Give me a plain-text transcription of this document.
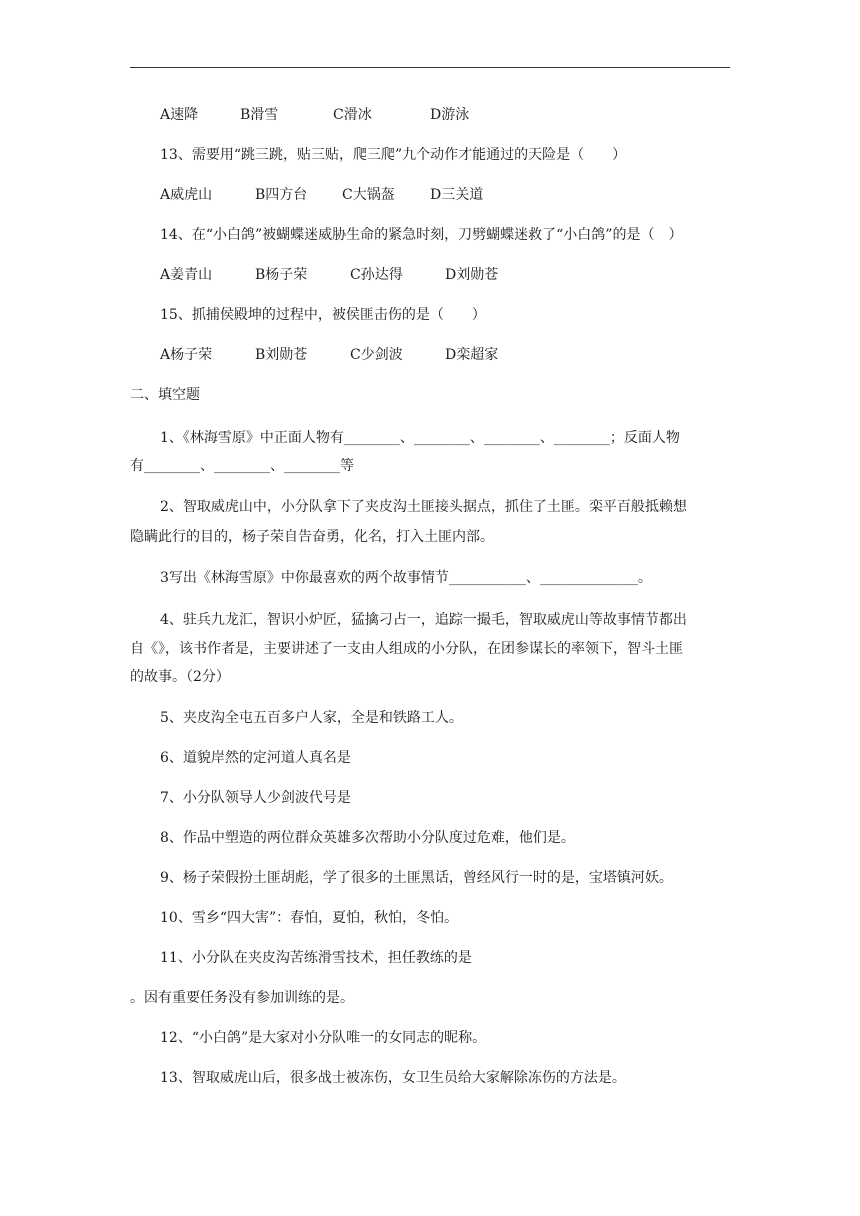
A速降	B滑雪	C滑冰	D游泳
13、需要用“跳三跳，贴三贴，爬三爬”九个动作才能通过的天险是（　　）
A威虎山	B四方台 C大锅盔	D三关道
14、在“小白鸽”被蝴蝶迷威胁生命的紧急时刻，刀劈蝴蝶迷救了“小白鸽”的是（　）
A姜青山	B杨子荣	C孙达得	D刘勋苍
15、抓捕侯殿坤的过程中，被侯匪击伤的是（　　）
A杨子荣	B刘勋苍	C少剑波	D栾超家
二、填空题
1、《林海雪原》中正面人物有________、________、________、________；反面人物
有________、________、________等
2、智取威虎山中，小分队拿下了夹皮沟土匪接头据点，抓住了土匪。栾平百般抵赖想
隐瞒此行的目的，杨子荣自告奋勇，化名，打入土匪内部。
3写出《林海雪原》中你最喜欢的两个故事情节___________、______________。
4、驻兵九龙汇，智识小炉匠，猛擒刁占一，追踪一撮毛，智取威虎山等故事情节都出
自《》，该书作者是，主要讲述了一支由人组成的小分队，在团参谋长的率领下，智斗土匪
的故事。（2分）
5、夹皮沟全屯五百多户人家，全是和铁路工人。
6、道貌岸然的定河道人真名是
7、小分队领导人少剑波代号是
8、作品中塑造的两位群众英雄多次帮助小分队度过危难，他们是。
9、杨子荣假扮土匪胡彪，学了很多的土匪黑话，曾经风行一时的是，宝塔镇河妖。
10、雪乡“四大害”：春怕，夏怕，秋怕，冬怕。
11、小分队在夹皮沟苦练滑雪技术，担任教练的是
。因有重要任务没有参加训练的是。
12、“小白鸽”是大家对小分队唯一的女同志的昵称。
13、智取威虎山后，很多战士被冻伤，女卫生员给大家解除冻伤的方法是。
